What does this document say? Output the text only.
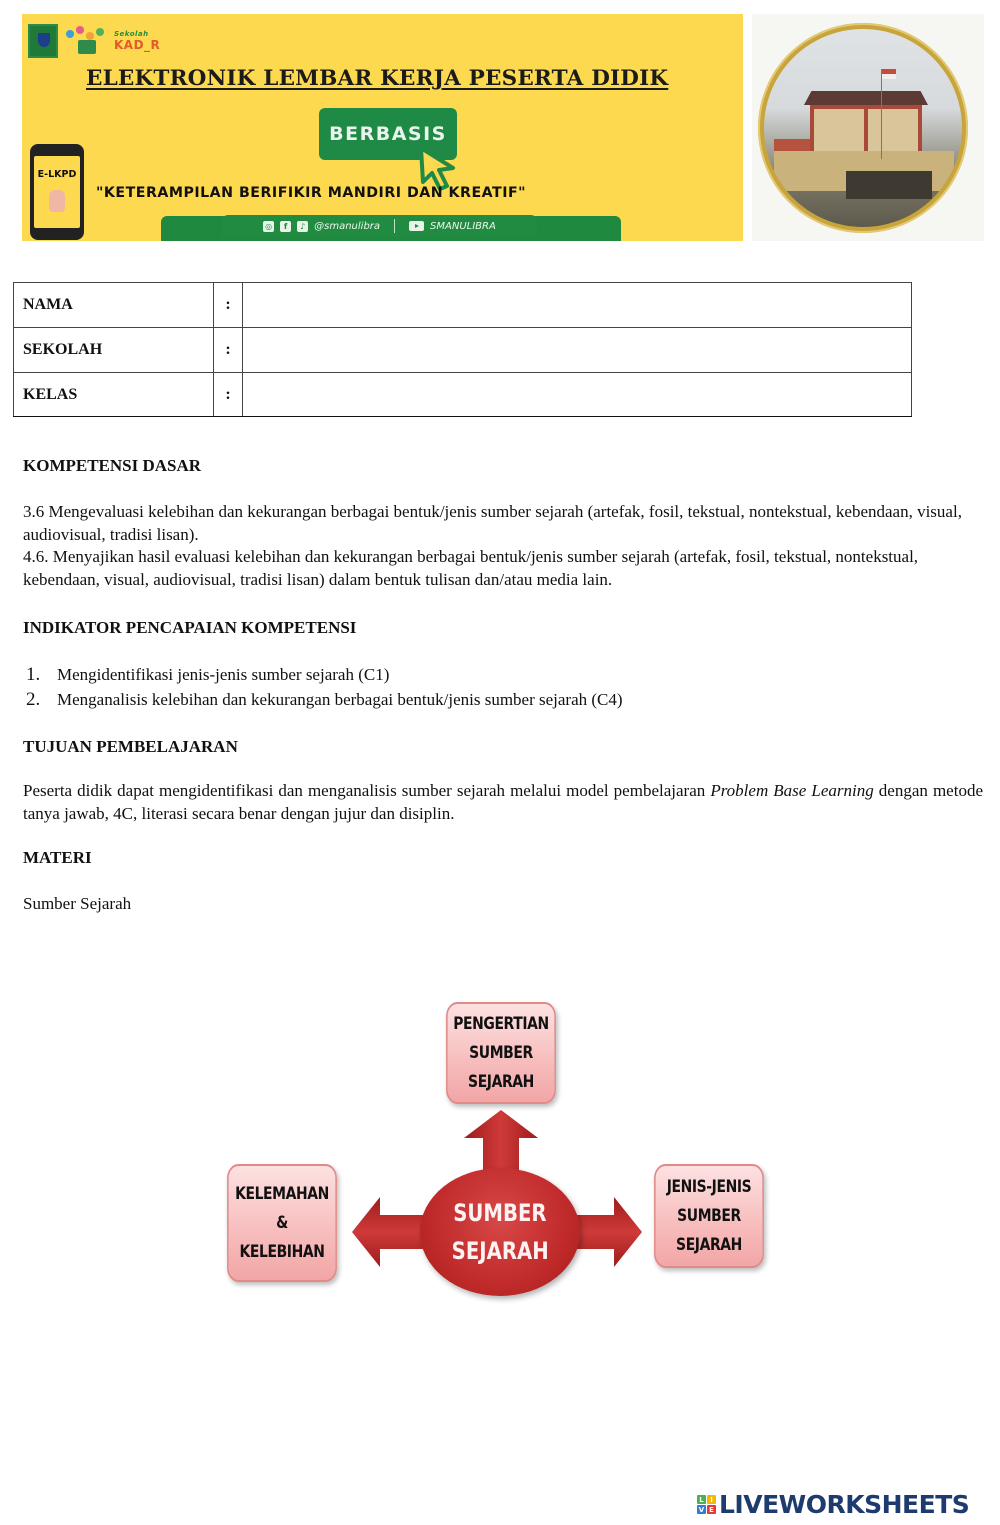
Sekolah
KAD_R
ELEKTRONIK LEMBAR KERJA PESERTA DIDIK
BERBASIS
E-LKPD
"KETERAMPILAN BERIFIKIR MANDIRI DAN KREATIF"
◎	f	♪ @smanulibra	SMANULIBRA
NAMA	:	
SEKOLAH	:	
KELAS	:	
KOMPETENSI DASAR
3.6 Mengevaluasi kelebihan dan kekurangan berbagai bentuk/jenis sumber sejarah (artefak, fosil, tekstual, nontekstual, kebendaan, visual, audiovisual, tradisi lisan).
4.6. Menyajikan hasil evaluasi kelebihan dan kekurangan berbagai bentuk/jenis sumber sejarah (artefak, fosil, tekstual, nontekstual, kebendaan, visual, audiovisual, tradisi lisan) dalam bentuk tulisan dan/atau media lain.
INDIKATOR PENCAPAIAN KOMPETENSI
1. Mengidentifikasi jenis-jenis sumber sejarah (C1)
2. Menganalisis kelebihan dan kekurangan berbagai bentuk/jenis sumber sejarah (C4)
TUJUAN PEMBELAJARAN
Peserta didik dapat mengidentifikasi dan menganalisis sumber sejarah melalui model pembelajaran Problem Base Learning dengan metode tanya jawab, 4C, literasi secara benar dengan jujur dan disiplin.
MATERI
Sumber Sejarah
PENGERTIAN
SUMBER
SEJARAH
KELEMAHAN
&
KELEBIHAN
JENIS-JENIS
SUMBER
SEJARAH
SUMBER
SEJARAH
L I
V E LIVEWORKSHEETS
